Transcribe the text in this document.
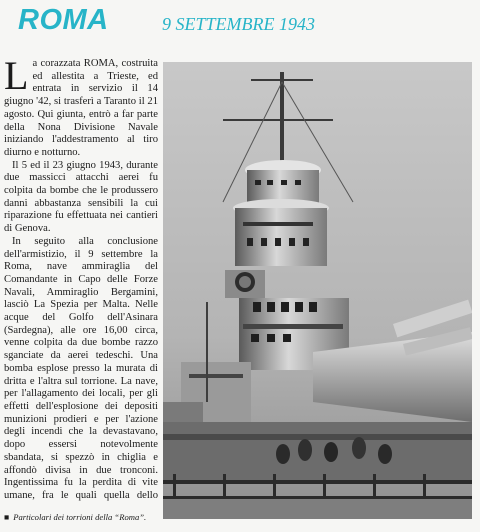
ROMA	9 SETTEMBRE 1943

La corazzata ROMA, costruita ed allestita a Trieste, ed entrata in servizio il 14 giugno '42, si trasferì a Taranto il 21 agosto. Qui giunta, entrò a far parte della Nona Divisione Navale iniziando l'addestramento al tiro diurno e notturno.

Il 5 ed il 23 giugno 1943, durante due massicci attacchi aerei fu colpita da bombe che le produssero danni abbastanza sensibili la cui riparazione fu effettuata nei cantieri di Genova.

In seguito alla conclusione dell'armistizio, il 9 settembre la Roma, nave ammiraglia del Comandante in Capo delle Forze Navali, Ammiraglio Bergamini, lasciò La Spezia per Malta. Nelle acque del Golfo dell'Asinara (Sardegna), alle ore 16,00 circa, venne colpita da due bombe razzo sganciate da aerei tedeschi. Una bomba esplose presso la murata di dritta e l'altra sul torrione. La nave, per l'allagamento dei locali, per gli effetti dell'esplosione dei depositi munizioni prodieri e per l'azione degli incendi che la devastavano, dopo essersi notevolmente sbandata, si spezzò in chiglia e affondò divisa in due tronconi. Ingentissima fu la perdita di vite umane, fra le quali quella dello

■ Particolari dei torrioni della “Roma”.
